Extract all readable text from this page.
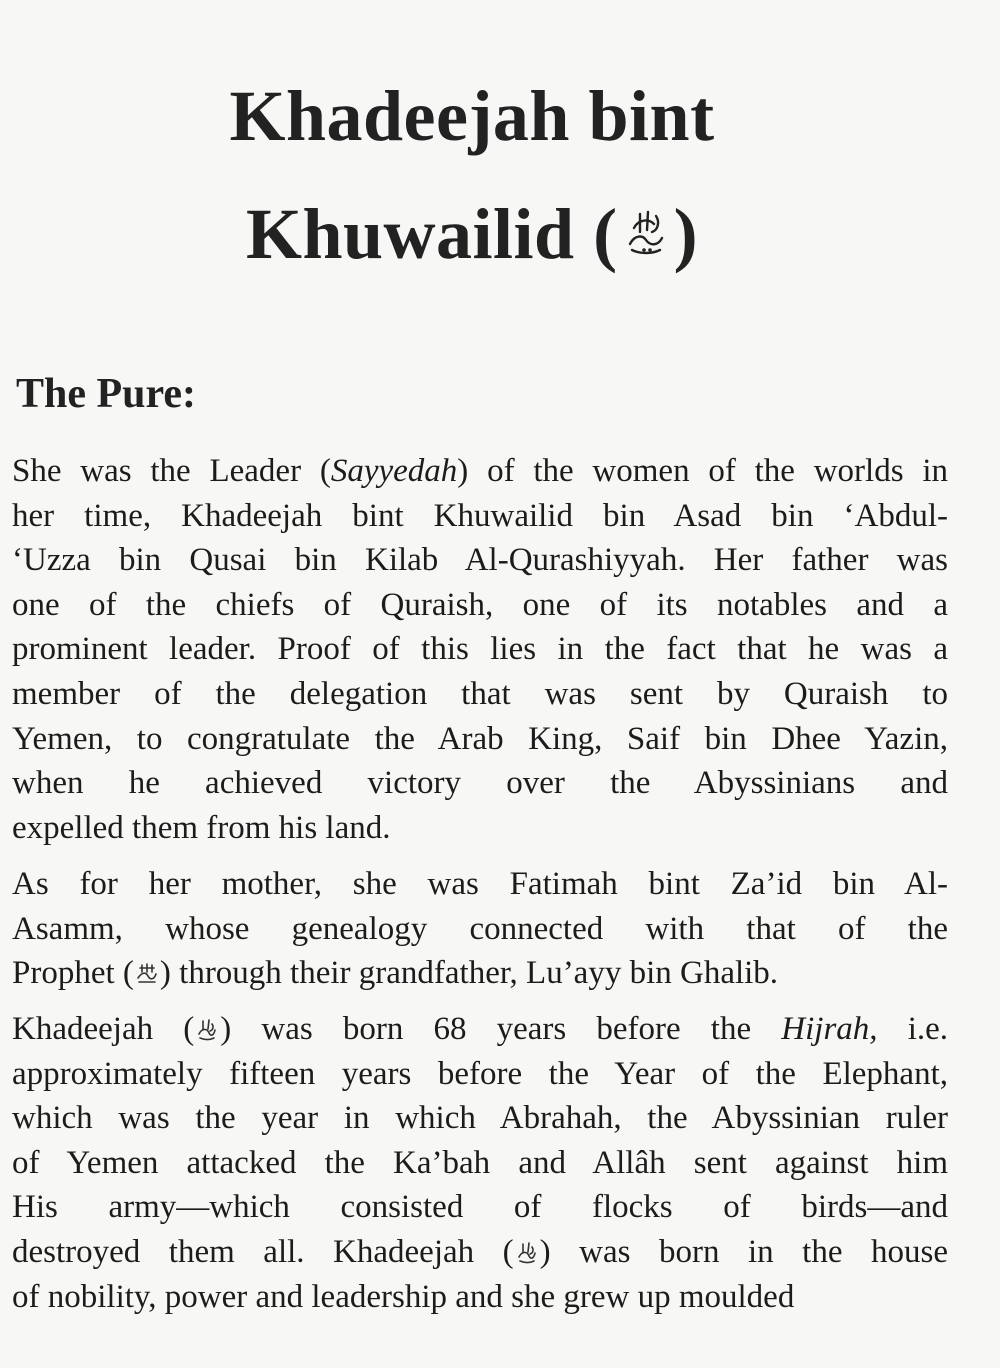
Khadeejah bint
Khuwailid ( )
The Pure:
She was the Leader (Sayyedah) of the women of the worlds in
her time, Khadeejah bint Khuwailid bin Asad bin ‘Abdul-
‘Uzza bin Qusai bin Kilab Al-Qurashiyyah. Her father was
one of the chiefs of Quraish, one of its notables and a
prominent leader. Proof of this lies in the fact that he was a
member of the delegation that was sent by Quraish to
Yemen, to congratulate the Arab King, Saif bin Dhee Yazin,
when he achieved victory over the Abyssinians and
expelled them from his land.
As for her mother, she was Fatimah bint Za’id bin Al-
Asamm, whose genealogy connected with that of the
Prophet ( ) through their grandfather, Lu’ayy bin Ghalib.
Khadeejah ( ) was born 68 years before the Hijrah, i.e.
approximately fifteen years before the Year of the Elephant,
which was the year in which Abrahah, the Abyssinian ruler
of Yemen attacked the Ka’bah and Allâh sent against him
His army—which consisted of flocks of birds—and
destroyed them all. Khadeejah ( ) was born in the house
of nobility, power and leadership and she grew up moulded
